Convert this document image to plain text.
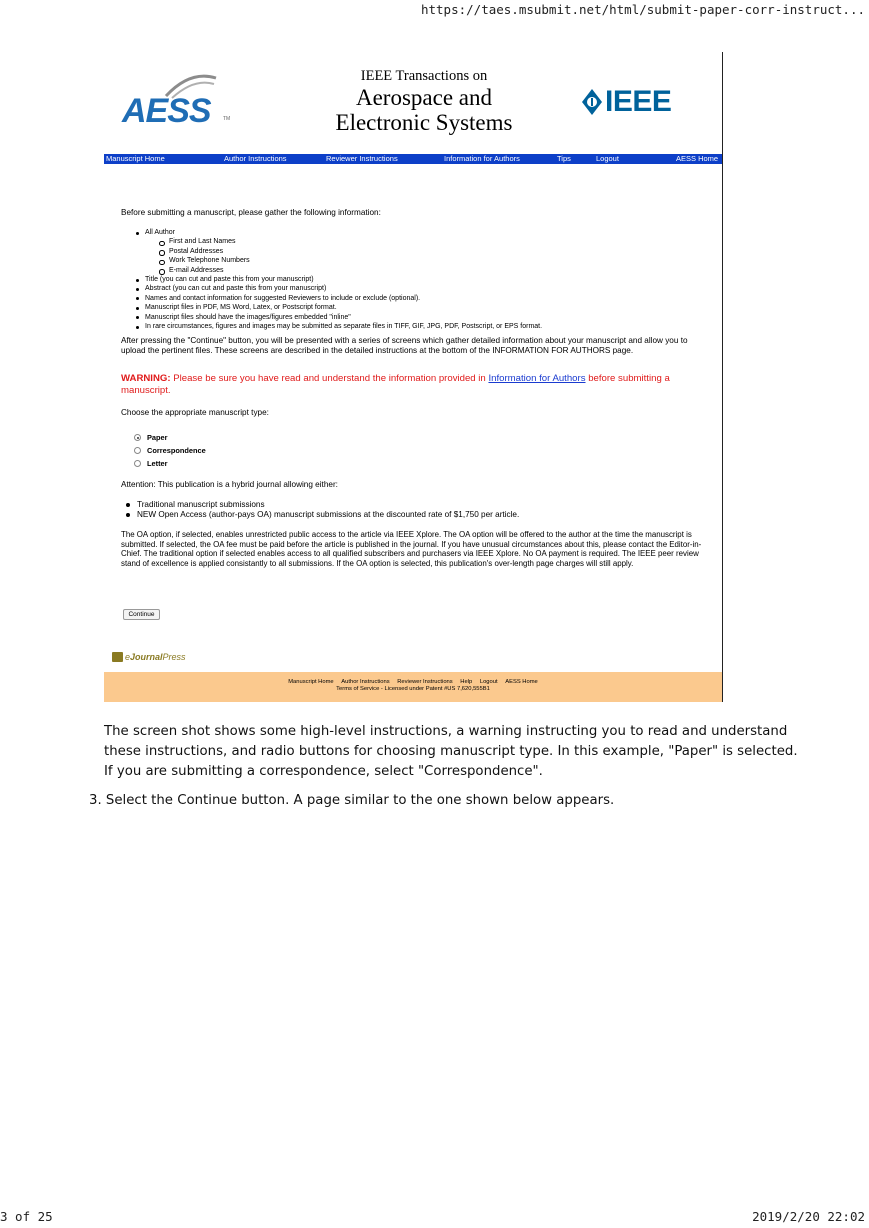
https://taes.msubmit.net/html/submit-paper-corr-instruct...
AESS TM
IEEE Transactions on
Aerospace and
Electronic Systems
IEEE
Manuscript Home	Author Instructions	Reviewer Instructions	Information for Authors	Tips	Logout	AESS Home

Before submitting a manuscript, please gather the following information:

All Author
First and Last Names
Postal Addresses
Work Telephone Numbers
E-mail Addresses
Title (you can cut and paste this from your manuscript)
Abstract (you can cut and paste this from your manuscript)
Names and contact information for suggested Reviewers to include or exclude (optional).
Manuscript files in PDF, MS Word, Latex, or Postscript format.
Manuscript files should have the images/figures embedded "inline"
In rare circumstances, figures and images may be submitted as separate files in TIFF, GIF, JPG, PDF, Postscript, or EPS format.

After pressing the "Continue" button, you will be presented with a series of screens which gather detailed information about your manuscript and allow you to upload the pertinent files. These screens are described in the detailed instructions at the bottom of the INFORMATION FOR AUTHORS page.

WARNING: Please be sure you have read and understand the information provided in Information for Authors before submitting a manuscript.

Choose the appropriate manuscript type:

Paper
Correspondence
Letter

Attention: This publication is a hybrid journal allowing either:

Traditional manuscript submissions
NEW Open Access (author-pays OA) manuscript submissions at the discounted rate of $1,750 per article.

The OA option, if selected, enables unrestricted public access to the article via IEEE Xplore. The OA option will be offered to the author at the time the manuscript is submitted. If selected, the OA fee must be paid before the article is published in the journal. If you have unusual circumstances about this, please contact the Editor-in-Chief. The traditional option if selected enables access to all qualified subscribers and purchasers via IEEE Xplore. No OA payment is required. The IEEE peer review stand of excellence is applied consistantly to all submissions. If the OA option is selected, this publication's over-length page charges will still apply.

Continue
eJournalPress
Manuscript Home Author Instructions Reviewer Instructions Help Logout AESS Home
Terms of Service - Licensed under Patent #US 7,620,555B1

The screen shot shows some high-level instructions, a warning instructing you to read and understand these instructions, and radio buttons for choosing manuscript type. In this example, "Paper" is selected. If you are submitting a correspondence, select "Correspondence".

3. Select the Continue button. A page similar to the one shown below appears.

3 of 25	2019/2/20 22:02
